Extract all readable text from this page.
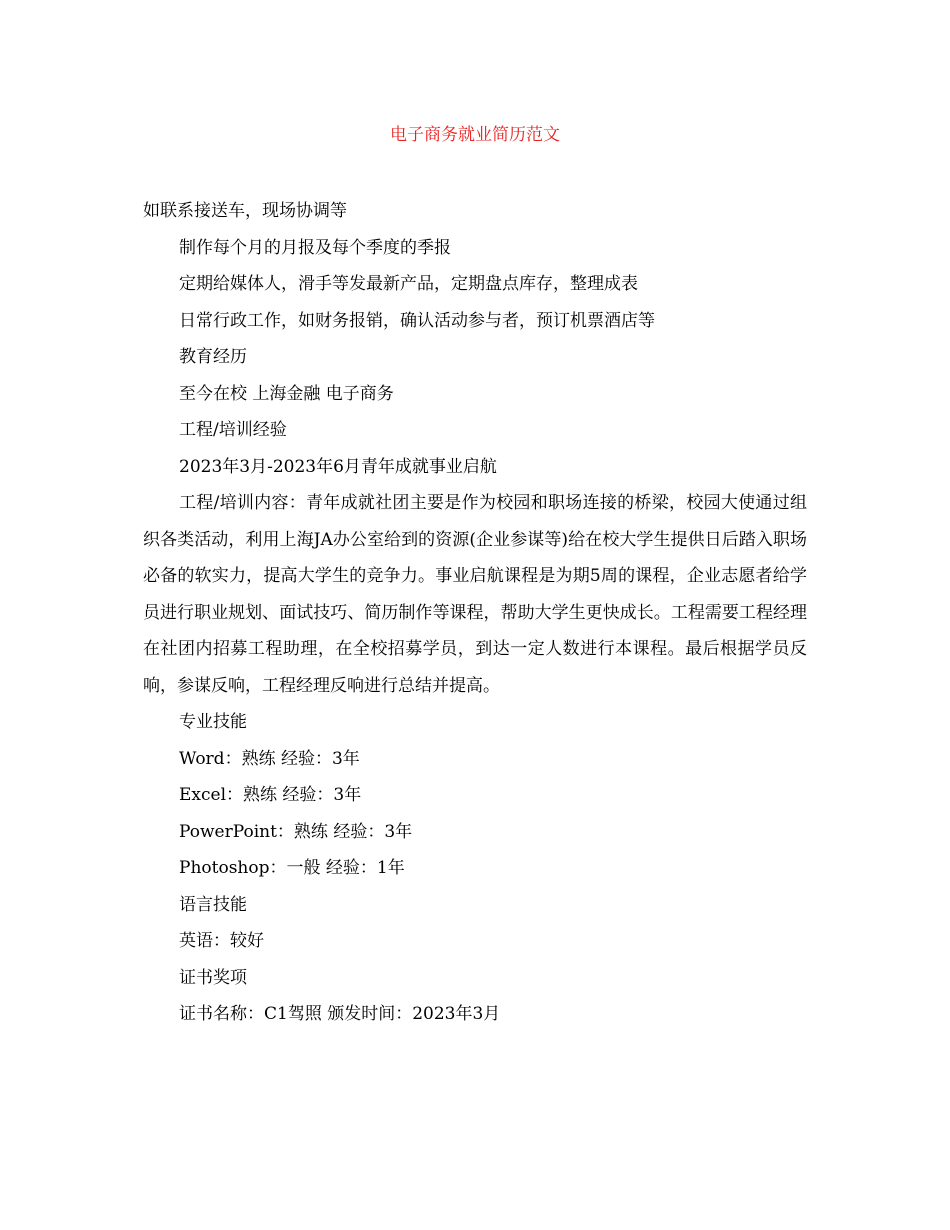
电子商务就业简历范文

如联系接送车，现场协调等

制作每个月的月报及每个季度的季报

定期给媒体人，滑手等发最新产品，定期盘点库存，整理成表

日常行政工作，如财务报销，确认活动参与者，预订机票酒店等

教育经历

至今在校 上海金融 电子商务

工程/培训经验

2023年3月-2023年6月青年成就事业启航

工程/培训内容：青年成就社团主要是作为校园和职场连接的桥梁，校园大使通过组织各类活动，利用上海JA办公室给到的资源(企业参谋等)给在校大学生提供日后踏入职场必备的软实力，提高大学生的竞争力。事业启航课程是为期5周的课程，企业志愿者给学员进行职业规划、面试技巧、简历制作等课程，帮助大学生更快成长。工程需要工程经理在社团内招募工程助理，在全校招募学员，到达一定人数进行本课程。最后根据学员反响，参谋反响，工程经理反响进行总结并提高。

专业技能

Word：熟练 经验：3年

Excel：熟练 经验：3年

PowerPoint：熟练 经验：3年

Photoshop：一般 经验：1年

语言技能

英语：较好

证书奖项

证书名称：C1驾照 颁发时间：2023年3月
